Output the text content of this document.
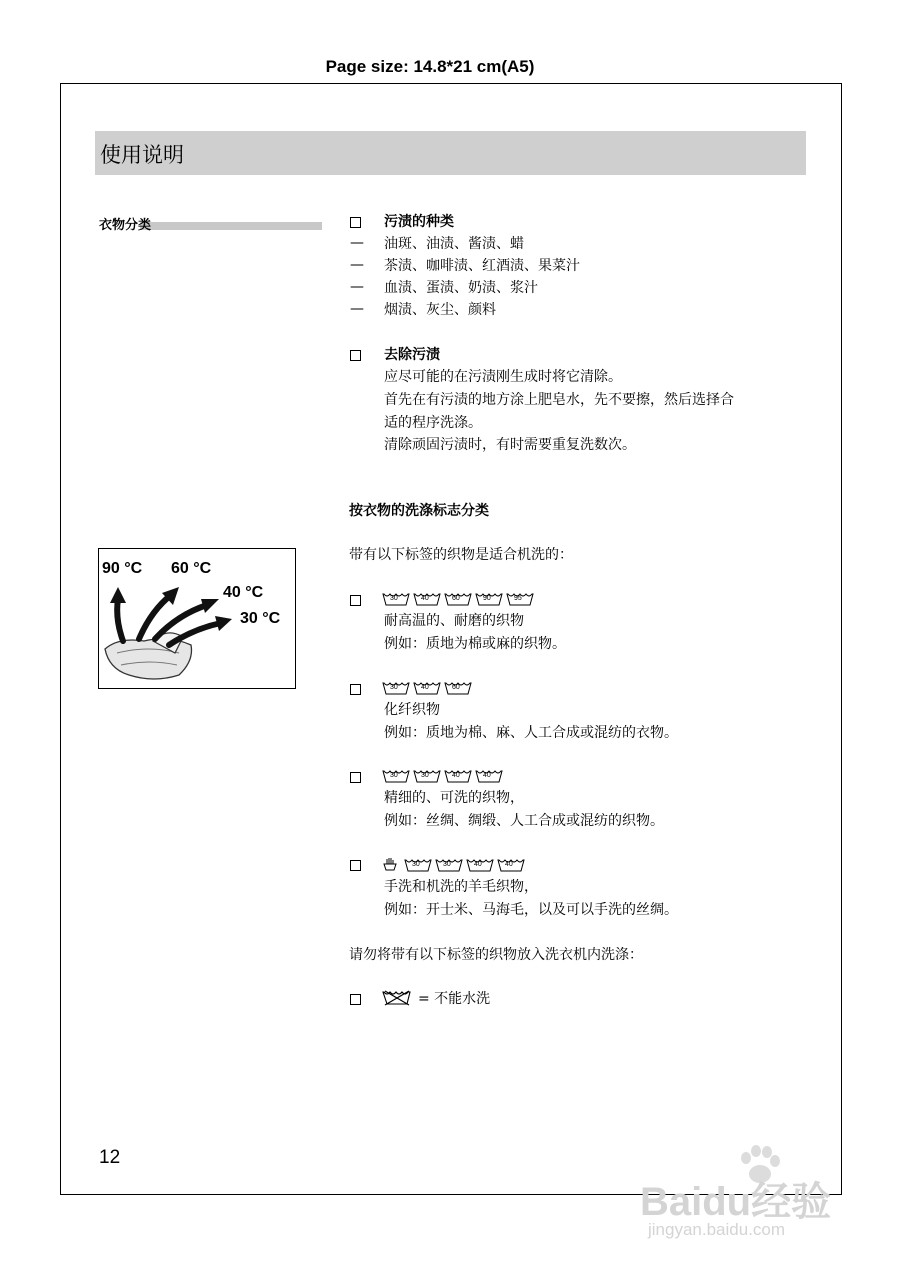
Page size: 14.8*21 cm(A5)
使用说明
衣物分类	污渍的种类
— 油斑、油渍、酱渍、蜡
— 茶渍、咖啡渍、红酒渍、果菜汁
— 血渍、蛋渍、奶渍、浆汁
— 烟渍、灰尘、颜料
去除污渍
应尽可能的在污渍刚生成时将它清除。
首先在有污渍的地方涂上肥皂水，先不要擦，然后选择合
适的程序洗涤。
清除顽固污渍时，有时需要重复洗数次。
按衣物的洗涤标志分类
带有以下标签的织物是适合机洗的：
90 °C 60 °C
40 °C
30 °C
30	40	60	90	95
耐高温的、耐磨的织物
例如：质地为棉或麻的织物。
30	40	60
化纤织物
例如：质地为棉、麻、人工合成或混纺的衣物。
30	30	40	40
精细的、可洗的织物，
例如：丝绸、绸缎、人工合成或混纺的织物。
30	30	40	40
手洗和机洗的羊毛织物，
例如：开士米、马海毛，以及可以手洗的丝绸。
请勿将带有以下标签的织物放入洗衣机内洗涤：
= 不能水洗
12
Baidu经验
jingyan.baidu.com
